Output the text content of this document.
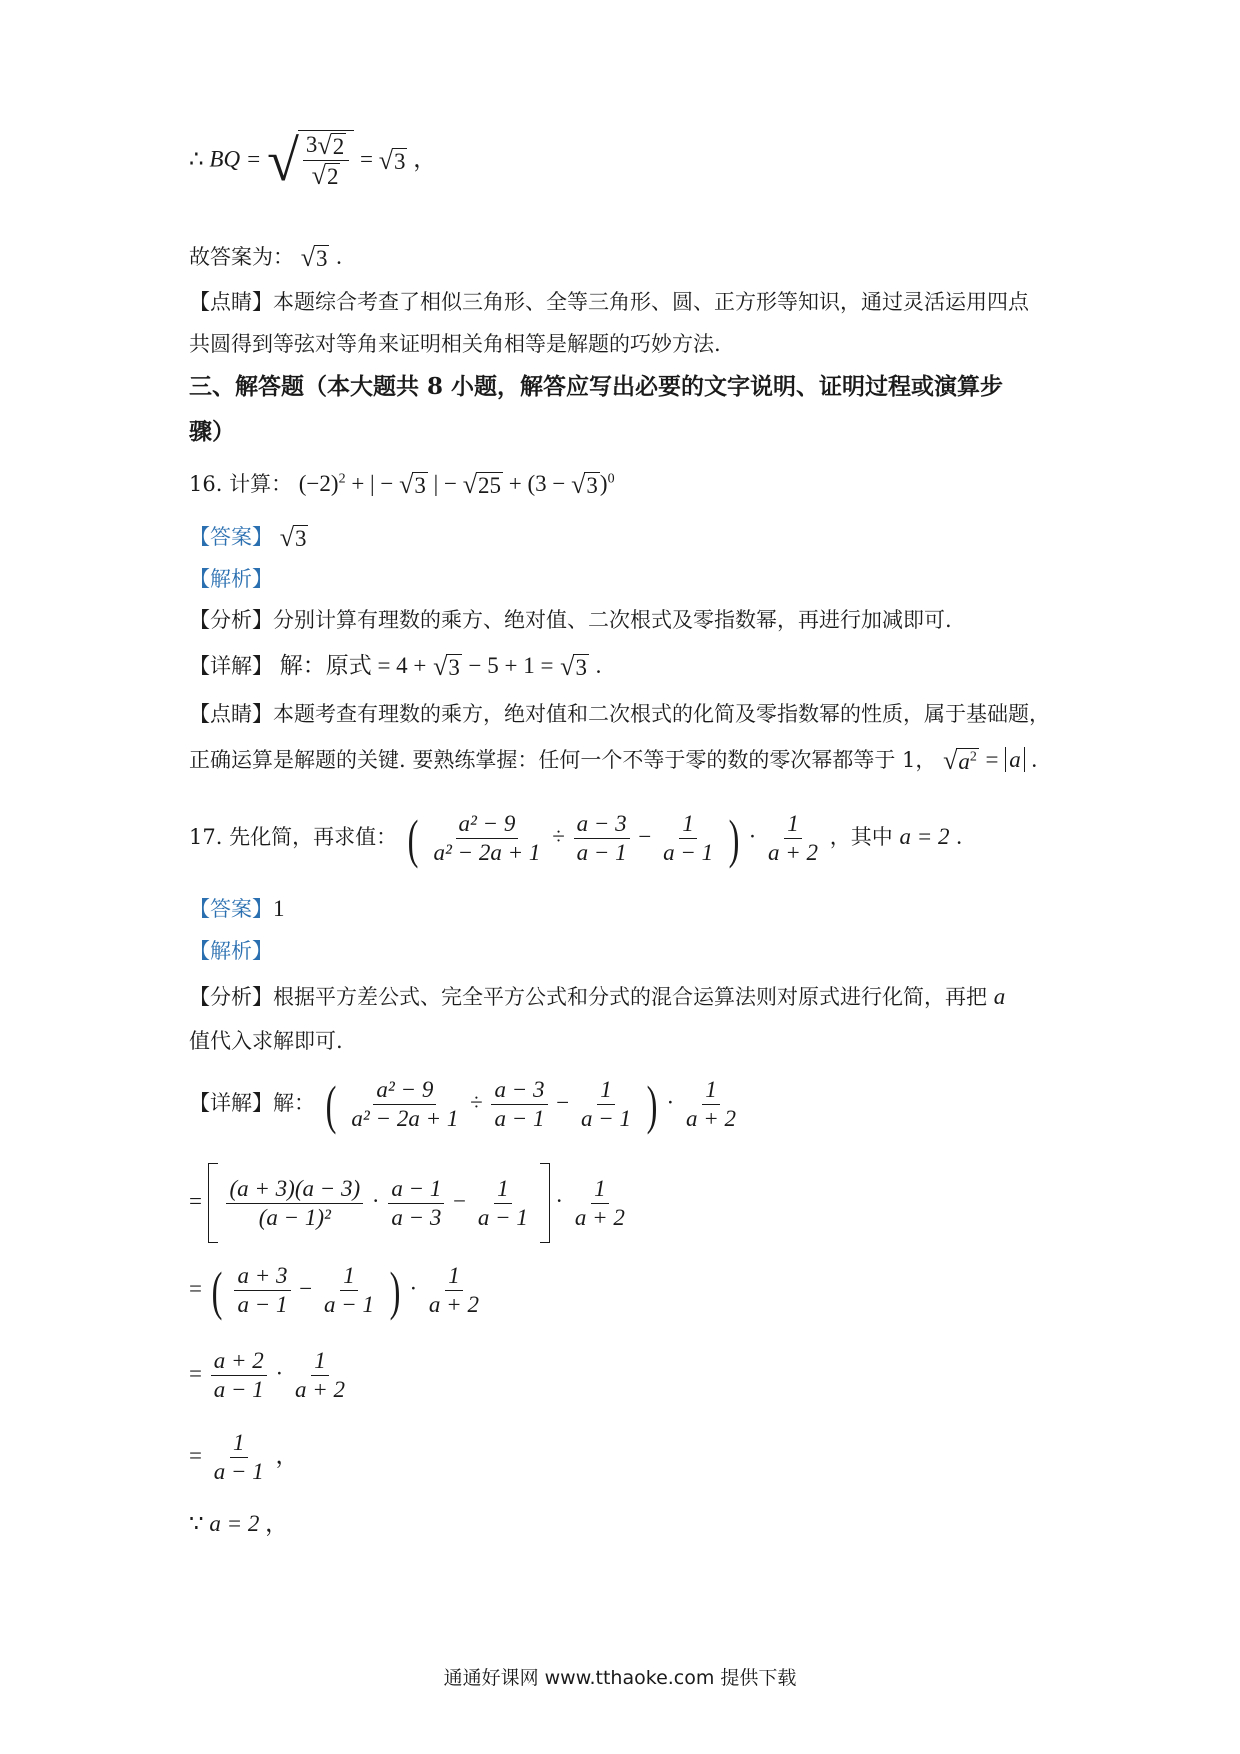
∴ BQ = √ $\frac{3 √ 2}{√ 2}$ = √ 3 ，
故答案为： √ 3 .
【点睛】本题综合考查了相似三角形、全等三角形、圆、正方形等知识，通过灵活运用四点
共圆得到等弦对等角来证明相关角相等是解题的巧妙方法.
三、解答题（本大题共 8 小题，解答应写出必要的文字说明、证明过程或演算步
骤）
16. 计算： $(-2)^2$ + | − √ 3 | − √ 25 + (3 − √ 3 )$^0$
【答案】 √ 3
【解析】
【分析】分别计算有理数的乘方、绝对值、二次根式及零指数幂，再进行加减即可.
【详解】 解：原式 = 4 + √ 3 − 5 + 1 = √ 3 .
【点睛】本题考查有理数的乘方，绝对值和二次根式的化简及零指数幂的性质，属于基础题，
正确运算是解题的关键. 要熟练掌握：任何一个不等于零的数的零次幂都等于 1， √ $a^2 = a$ .
17. 先化简，再求值： ( $\frac{\text{a² − 9}}{\text{a² − 2a + 1}} \div \frac{a - 3}{a - 1} - \frac{1}{a - 1}$ ) · $\frac{1}{a + 2}$ ，其中 a = 2 .
【答案】1
【解析】
【分析】根据平方差公式、完全平方公式和分式的混合运算法则对原式进行化简，再把 a
值代入求解即可.
【详解】解： ( $\frac{\text{a² − 9}}{\text{a² − 2a + 1}} \div \frac{a - 3}{a - 1} - \frac{1}{a - 1}$ ) · $\frac{1}{a + 2}$
= $\frac{(a + 3)(a - 3)}{\text{(a − 1)²}} \cdot \frac{a - 1}{a - 3} - \frac{1}{a - 1} \cdot \frac{1}{a + 2}$
= ( $\frac{a + 3}{a - 1} - \frac{1}{a - 1}$ ) · $\frac{1}{a + 2}$
= $\frac{a + 2}{a - 1} \cdot \frac{1}{a + 2}$
= $\frac{1}{a - 1}$ ，
∵ a = 2 ，
通通好课网 www.tthaoke.com 提供下载
